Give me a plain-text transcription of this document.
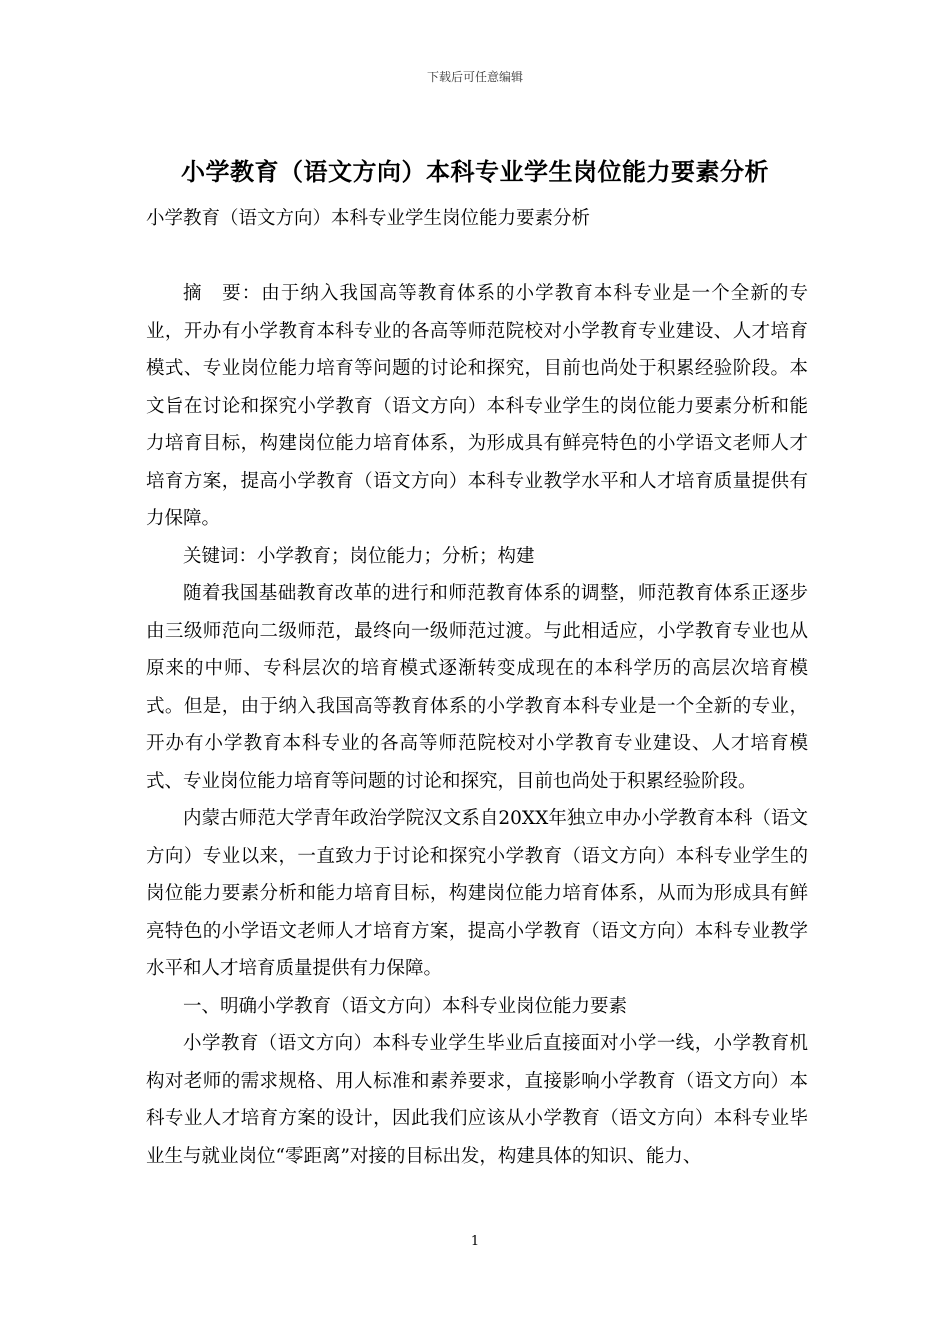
下载后可任意编辑
小学教育（语文方向）本科专业学生岗位能力要素分析

小学教育（语文方向）本科专业学生岗位能力要素分析

摘　要：由于纳入我国高等教育体系的小学教育本科专业是一个全新的专业，开办有小学教育本科专业的各高等师范院校对小学教育专业建设、人才培育模式、专业岗位能力培育等问题的讨论和探究，目前也尚处于积累经验阶段。本文旨在讨论和探究小学教育（语文方向）本科专业学生的岗位能力要素分析和能力培育目标，构建岗位能力培育体系，为形成具有鲜亮特色的小学语文老师人才培育方案，提高小学教育（语文方向）本科专业教学水平和人才培育质量提供有力保障。

关键词：小学教育；岗位能力；分析；构建

随着我国基础教育改革的进行和师范教育体系的调整，师范教育体系正逐步由三级师范向二级师范，最终向一级师范过渡。与此相适应，小学教育专业也从原来的中师、专科层次的培育模式逐渐转变成现在的本科学历的高层次培育模式。但是，由于纳入我国高等教育体系的小学教育本科专业是一个全新的专业，开办有小学教育本科专业的各高等师范院校对小学教育专业建设、人才培育模式、专业岗位能力培育等问题的讨论和探究，目前也尚处于积累经验阶段。

内蒙古师范大学青年政治学院汉文系自20XX年独立申办小学教育本科（语文方向）专业以来，一直致力于讨论和探究小学教育（语文方向）本科专业学生的岗位能力要素分析和能力培育目标，构建岗位能力培育体系，从而为形成具有鲜亮特色的小学语文老师人才培育方案，提高小学教育（语文方向）本科专业教学水平和人才培育质量提供有力保障。

一、明确小学教育（语文方向）本科专业岗位能力要素

小学教育（语文方向）本科专业学生毕业后直接面对小学一线，小学教育机构对老师的需求规格、用人标准和素养要求，直接影响小学教育（语文方向）本科专业人才培育方案的设计，因此我们应该从小学教育（语文方向）本科专业毕业生与就业岗位“零距离”对接的目标出发，构建具体的知识、能力、

1
